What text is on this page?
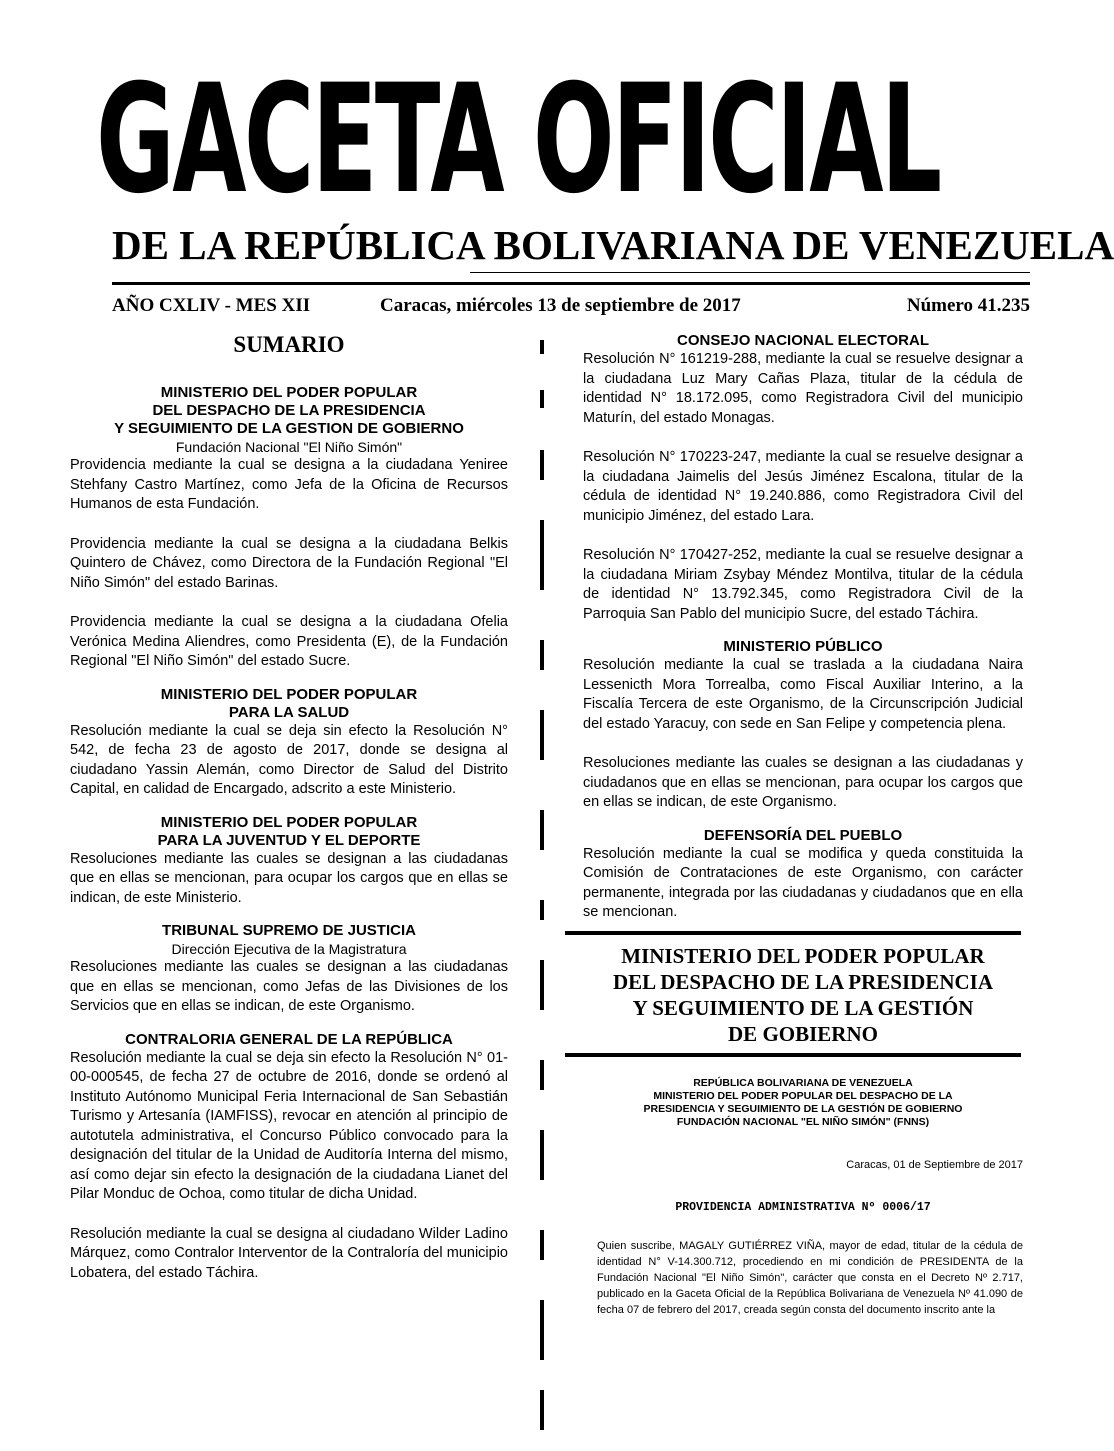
GACETA OFICIAL
DE LA REPÚBLICA BOLIVARIANA DE VENEZUELA
AÑO CXLIV - MES XII	Caracas, miércoles 13 de septiembre de 2017	Número 41.235
SUMARIO
MINISTERIO DEL PODER POPULAR
DEL DESPACHO DE LA PRESIDENCIA
Y SEGUIMIENTO DE LA GESTION DE GOBIERNO
Fundación Nacional "El Niño Simón"
Providencia mediante la cual se designa a la ciudadana Yeniree Stehfany Castro Martínez, como Jefa de la Oficina de Recursos Humanos de esta Fundación.
Providencia mediante la cual se designa a la ciudadana Belkis Quintero de Chávez, como Directora de la Fundación Regional "El Niño Simón" del estado Barinas.
Providencia mediante la cual se designa a la ciudadana Ofelia Verónica Medina Aliendres, como Presidenta (E), de la Fundación Regional "El Niño Simón" del estado Sucre.
MINISTERIO DEL PODER POPULAR
PARA LA SALUD
Resolución mediante la cual se deja sin efecto la Resolución N° 542, de fecha 23 de agosto de 2017, donde se designa al ciudadano Yassin Alemán, como Director de Salud del Distrito Capital, en calidad de Encargado, adscrito a este Ministerio.
MINISTERIO DEL PODER POPULAR
PARA LA JUVENTUD Y EL DEPORTE
Resoluciones mediante las cuales se designan a las ciudadanas que en ellas se mencionan, para ocupar los cargos que en ellas se indican, de este Ministerio.
TRIBUNAL SUPREMO DE JUSTICIA
Dirección Ejecutiva de la Magistratura
Resoluciones mediante las cuales se designan a las ciudadanas que en ellas se mencionan, como Jefas de las Divisiones de los Servicios que en ellas se indican, de este Organismo.
CONTRALORIA GENERAL DE LA REPÚBLICA
Resolución mediante la cual se deja sin efecto la Resolución N° 01-00-000545, de fecha 27 de octubre de 2016, donde se ordenó al Instituto Autónomo Municipal Feria Internacional de San Sebastián Turismo y Artesanía (IAMFISS), revocar en atención al principio de autotutela administrativa, el Concurso Público convocado para la designación del titular de la Unidad de Auditoría Interna del mismo, así como dejar sin efecto la designación de la ciudadana Lianet del Pilar Monduc de Ochoa, como titular de dicha Unidad.
Resolución mediante la cual se designa al ciudadano Wilder Ladino Márquez, como Contralor Interventor de la Contraloría del municipio Lobatera, del estado Táchira.
CONSEJO NACIONAL ELECTORAL
Resolución N° 161219-288, mediante la cual se resuelve designar a la ciudadana Luz Mary Cañas Plaza, titular de la cédula de identidad N° 18.172.095, como Registradora Civil del municipio Maturín, del estado Monagas.
Resolución N° 170223-247, mediante la cual se resuelve designar a la ciudadana Jaimelis del Jesús Jiménez Escalona, titular de la cédula de identidad N° 19.240.886, como Registradora Civil del municipio Jiménez, del estado Lara.
Resolución N° 170427-252, mediante la cual se resuelve designar a la ciudadana Miriam Zsybay Méndez Montilva, titular de la cédula de identidad N° 13.792.345, como Registradora Civil de la Parroquia San Pablo del municipio Sucre, del estado Táchira.
MINISTERIO PÚBLICO
Resolución mediante la cual se traslada a la ciudadana Naira Lessenicth Mora Torrealba, como Fiscal Auxiliar Interino, a la Fiscalía Tercera de este Organismo, de la Circunscripción Judicial del estado Yaracuy, con sede en San Felipe y competencia plena.
Resoluciones mediante las cuales se designan a las ciudadanas y ciudadanos que en ellas se mencionan, para ocupar los cargos que en ellas se indican, de este Organismo.
DEFENSORÍA DEL PUEBLO
Resolución mediante la cual se modifica y queda constituida la Comisión de Contrataciones de este Organismo, con carácter permanente, integrada por las ciudadanas y ciudadanos que en ella se mencionan.
MINISTERIO DEL PODER POPULAR
DEL DESPACHO DE LA PRESIDENCIA
Y SEGUIMIENTO DE LA GESTIÓN
DE GOBIERNO
REPÚBLICA BOLIVARIANA DE VENEZUELA
MINISTERIO DEL PODER POPULAR DEL DESPACHO DE LA
PRESIDENCIA Y SEGUIMIENTO DE LA GESTIÓN DE GOBIERNO
FUNDACIÓN NACIONAL "EL NIÑO SIMÓN" (FNNS)
Caracas, 01 de Septiembre de 2017
PROVIDENCIA ADMINISTRATIVA Nº 0006/17
Quien suscribe, MAGALY GUTIÉRREZ VIÑA, mayor de edad, titular de la cédula de identidad N° V-14.300.712, procediendo en mi condición de PRESIDENTA de la Fundación Nacional "El Niño Simón", carácter que consta en el Decreto Nº 2.717, publicado en la Gaceta Oficial de la República Bolivariana de Venezuela Nº 41.090 de fecha 07 de febrero del 2017, creada según consta del documento inscrito ante la
